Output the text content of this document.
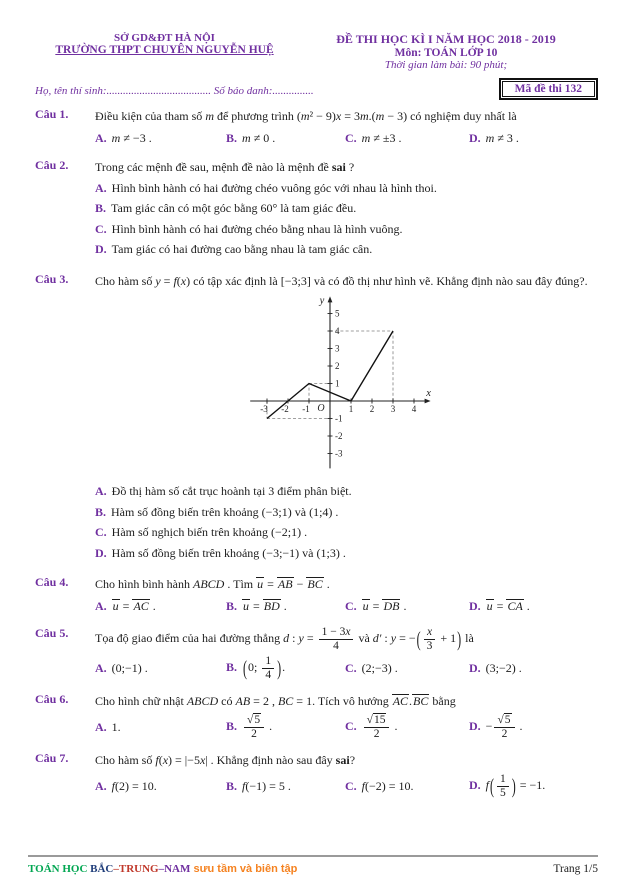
SỞ GD&ĐT HÀ NỘI
TRƯỜNG THPT CHUYÊN NGUYỄN HUỆ
ĐỀ THI HỌC KÌ I NĂM HỌC 2018 - 2019
Môn: TOÁN LỚP 10
Thời gian làm bài: 90 phút;
Họ, tên thí sinh:...................................... Số báo danh:...............	Mã đề thi 132
Câu 1.	Điều kiện của tham số m để phương trình (m² − 9)x = 3m.(m − 3) có nghiệm duy nhất là
A. m ≠ −3 .	B. m ≠ 0 .	C. m ≠ ±3 .	D. m ≠ 3 .
Câu 2.	Trong các mệnh đề sau, mệnh đề nào là mệnh đề sai ?
A. Hình bình hành có hai đường chéo vuông góc với nhau là hình thoi.
B. Tam giác cân có một góc bằng 60° là tam giác đều.
C. Hình bình hành có hai đường chéo bằng nhau là hình vuông.
D. Tam giác có hai đường cao bằng nhau là tam giác cân.
Câu 3.	Cho hàm số y = f(x) có tập xác định là [−3;3] và có đồ thị như hình vẽ. Khẳng định nào sau đây đúng?.
-3 -2 -1	1 2 3 4
-3
-2
-1
1
2
3
4
5
O
x
y
A. Đồ thị hàm số cắt trục hoành tại 3 điểm phân biệt.
B. Hàm số đồng biến trên khoảng (−3;1) và (1;4) .
C. Hàm số nghịch biến trên khoảng (−2;1) .
D. Hàm số đồng biến trên khoảng (−3;−1) và (1;3) .
Câu 4.	Cho hình bình hành ABCD . Tìm u = AB − BC .
A. u = AC .	B. u = BD .	C. u = DB .	D. u = CA .
Câu 5.	Tọa độ giao điểm của hai đường thẳng d : $y = \frac{1 - 3x}{4}$ và d′ : y = −( $\frac{x}{3} + 1$) là
A. (0;−1) .	B. (0; $\frac{1}{4}$ ).	C. (2;−3) .	D. (3;−2) .
Câu 6.	Cho hình chữ nhật ABCD có AB = 2 , BC = 1. Tích vô hướng AC.BC bằng
A. 1.	B. $\frac{√5}{2}$ .	C. $\frac{√15}{2}$ .	D. − $\frac{√5}{2}$ .
Câu 7.	Cho hàm số f(x) = |−5x| . Khẳng định nào sau đây sai?
A. f(2) = 10.	B. f(−1) = 5 .	C. f(−2) = 10.	D. $f( \frac{1}{5}$ ) = −1.
TOÁN HỌC BẮC–TRUNG–NAM sưu tầm và biên tập	Trang 1/5
